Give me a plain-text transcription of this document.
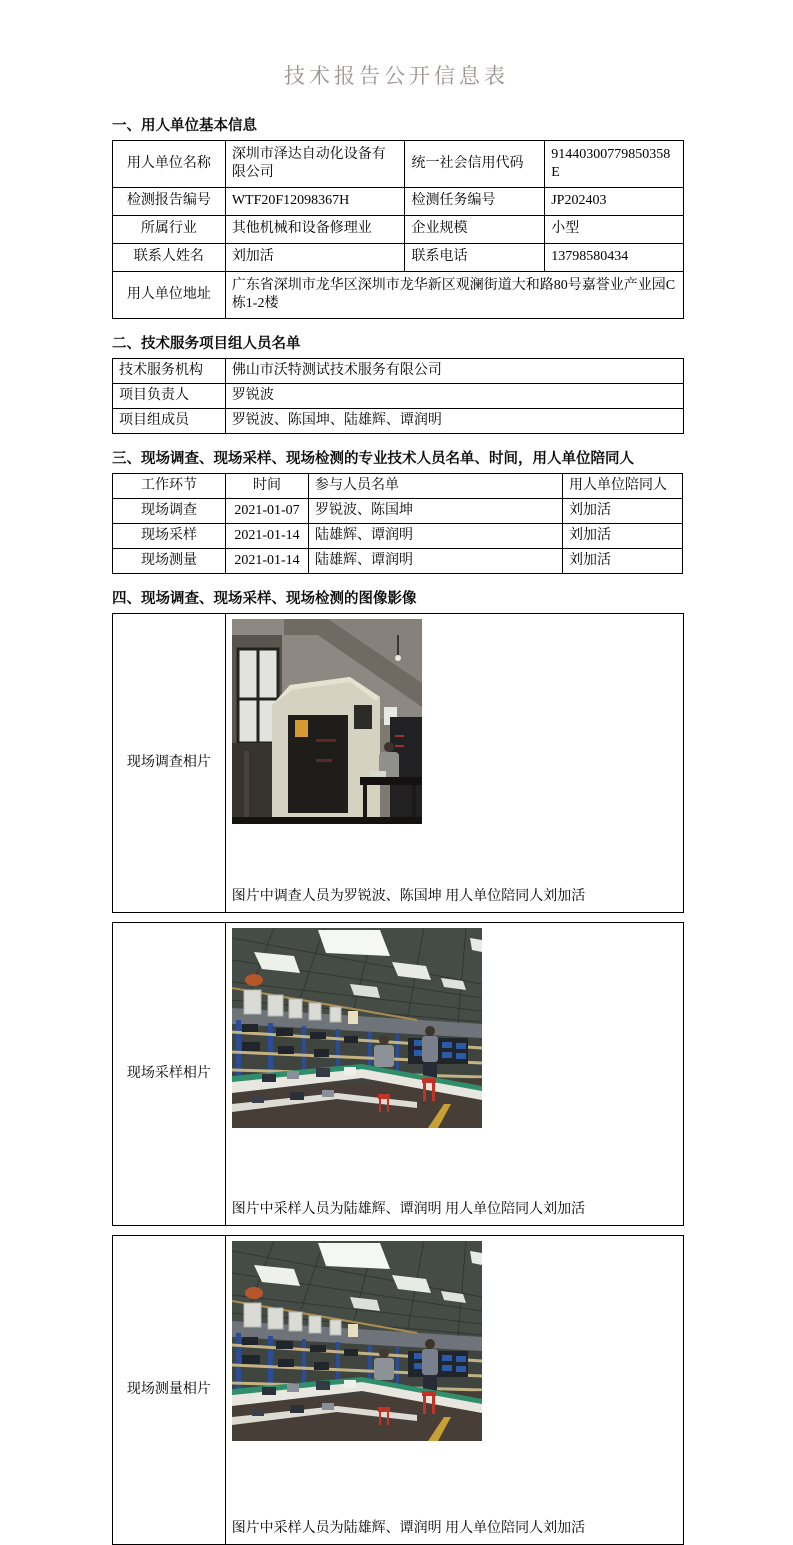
技术报告公开信息表
一、用人单位基本信息
用人单位名称	深圳市泽达自动化设备有限公司	统一社会信用代码	91440300779850358E
检测报告编号	WTF20F12098367H	检测任务编号	JP202403
所属行业	其他机械和设备修理业	企业规模	小型
联系人姓名	刘加活	联系电话	13798580434
用人单位地址	广东省深圳市龙华区深圳市龙华新区观澜街道大和路80号嘉誉业产业园C栋1-2楼		
二、技术服务项目组人员名单
技术服务机构	佛山市沃特测试技术服务有限公司
项目负责人	罗锐波
项目组成员	罗锐波、陈国坤、陆雄辉、谭润明
三、现场调查、现场采样、现场检测的专业技术人员名单、时间，用人单位陪同人
工作环节	时间	参与人员名单	用人单位陪同人
现场调查	2021-01-07	罗锐波、陈国坤	刘加活
现场采样	2021-01-14	陆雄辉、谭润明	刘加活
现场测量	2021-01-14	陆雄辉、谭润明	刘加活
四、现场调查、现场采样、现场检测的图像影像
现场调查相片	
图片中调查人员为罗锐波、陈国坤 用人单位陪同人刘加活
现场采样相片	
图片中采样人员为陆雄辉、谭润明 用人单位陪同人刘加活
现场测量相片	
图片中采样人员为陆雄辉、谭润明 用人单位陪同人刘加活
